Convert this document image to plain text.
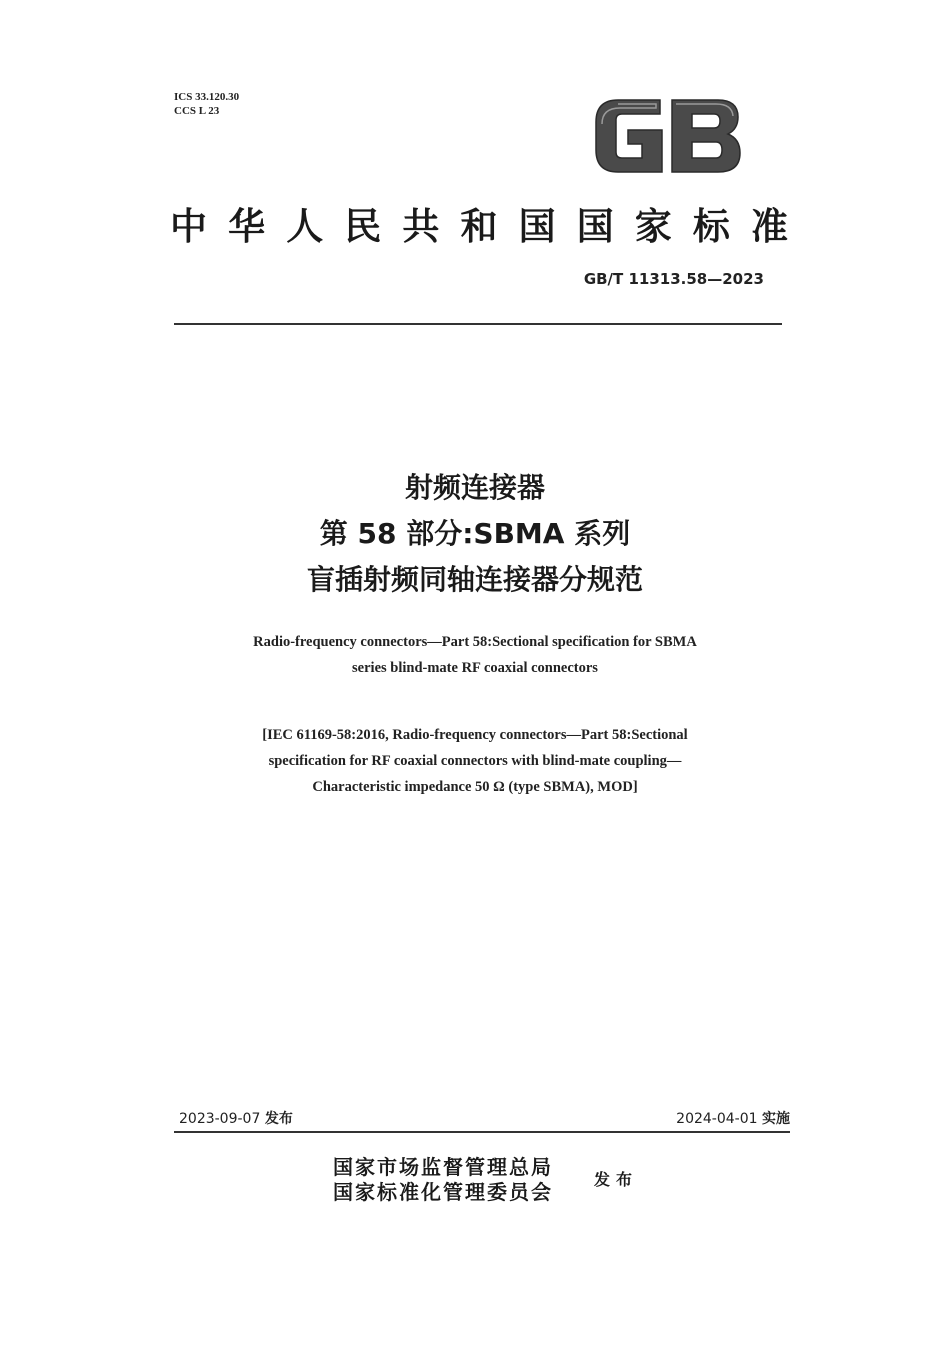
ICS 33.120.30
CCS L 23
中华人民共和国国家标准
GB/T 11313.58—2023
射频连接器
第 58 部分:SBMA 系列
盲插射频同轴连接器分规范
Radio-frequency connectors—Part 58:Sectional specification for SBMA
series blind-mate RF coaxial connectors
[IEC 61169-58:2016, Radio-frequency connectors—Part 58:Sectional
specification for RF coaxial connectors with blind-mate coupling—
Characteristic impedance 50 Ω (type SBMA), MOD]
2023-09-07 发布	2024-04-01 实施
国家市场监督管理总局
国家标准化管理委员会
发布
